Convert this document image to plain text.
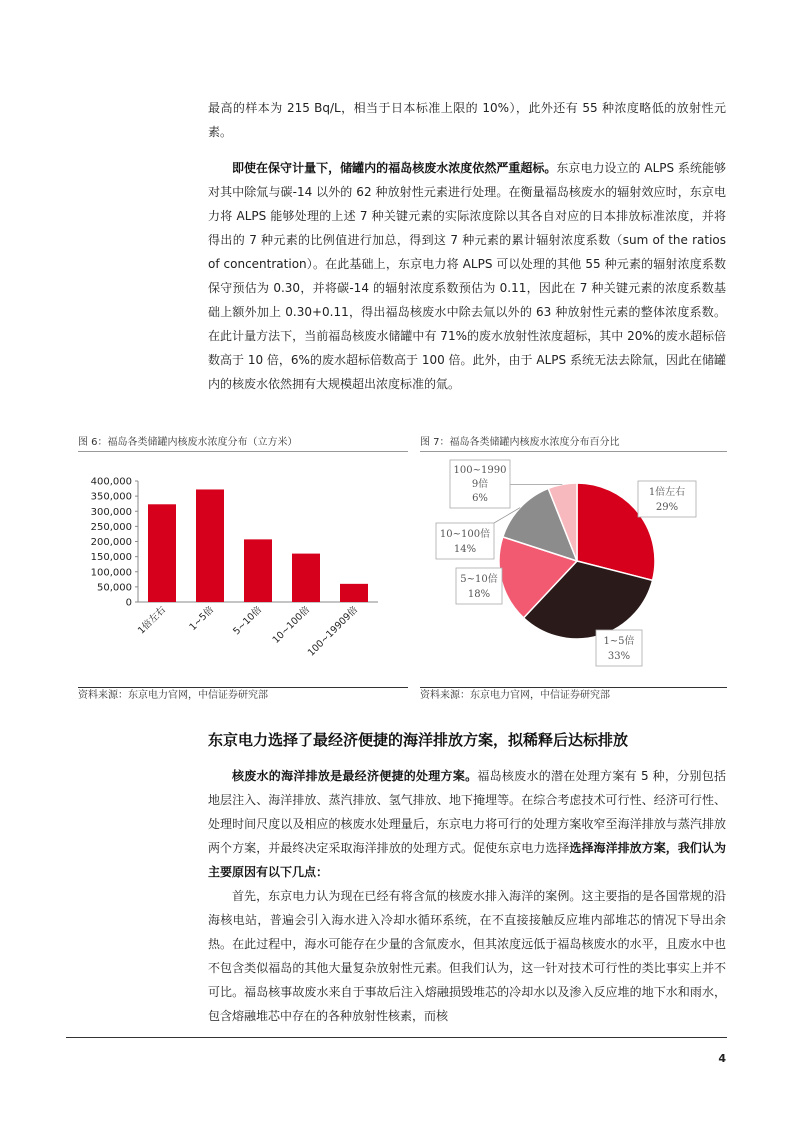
最高的样本为 215 Bq/L，相当于日本标准上限的 10%），此外还有 55 种浓度略低的放射性元素。

即使在保守计量下，储罐内的福岛核废水浓度依然严重超标。东京电力设立的 ALPS 系统能够对其中除氚与碳-14 以外的 62 种放射性元素进行处理。在衡量福岛核废水的辐射效应时，东京电力将 ALPS 能够处理的上述 7 种关键元素的实际浓度除以其各自对应的日本排放标准浓度，并将得出的 7 种元素的比例值进行加总，得到这 7 种元素的累计辐射浓度系数（sum of the ratios of concentration）。在此基础上，东京电力将 ALPS 可以处理的其他 55 种元素的辐射浓度系数保守预估为 0.30，并将碳-14 的辐射浓度系数预估为 0.11，因此在 7 种关键元素的浓度系数基础上额外加上 0.30+0.11，得出福岛核废水中除去氚以外的 63 种放射性元素的整体浓度系数。在此计量方法下，当前福岛核废水储罐中有 71%的废水放射性浓度超标，其中 20%的废水超标倍数高于 10 倍，6%的废水超标倍数高于 100 倍。此外，由于 ALPS 系统无法去除氚，因此在储罐内的核废水依然拥有大规模超出浓度标准的氚。

图 6：福岛各类储罐内核废水浓度分布（立方米）
0
50,000
100,000
150,000
200,000
250,000
300,000
350,000
400,000
1倍左右 1~5倍 5~10倍 10~100倍
100~19909倍
资料来源：东京电力官网，中信证券研究部
图 7：福岛各类储罐内核废水浓度分布百分比
1倍左右
29%
1~5倍
33%
5~10倍
18%
10~100倍
14%
100~1990
9倍
6%
资料来源：东京电力官网，中信证券研究部
东京电力选择了最经济便捷的海洋排放方案，拟稀释后达标排放

核废水的海洋排放是最经济便捷的处理方案。福岛核废水的潜在处理方案有 5 种，分别包括地层注入、海洋排放、蒸汽排放、氢气排放、地下掩埋等。在综合考虑技术可行性、经济可行性、处理时间尺度以及相应的核废水处理量后，东京电力将可行的处理方案收窄至海洋排放与蒸汽排放两个方案，并最终决定采取海洋排放的处理方式。促使东京电力选择选择海洋排放方案，我们认为主要原因有以下几点：

首先，东京电力认为现在已经有将含氚的核废水排入海洋的案例。这主要指的是各国常规的沿海核电站，普遍会引入海水进入冷却水循环系统，在不直接接触反应堆内部堆芯的情况下导出余热。在此过程中，海水可能存在少量的含氚废水，但其浓度远低于福岛核废水的水平，且废水中也不包含类似福岛的其他大量复杂放射性元素。但我们认为，这一针对技术可行性的类比事实上并不可比。福岛核事故废水来自于事故后注入熔融损毁堆芯的冷却水以及渗入反应堆的地下水和雨水，包含熔融堆芯中存在的各种放射性核素，而核

4
